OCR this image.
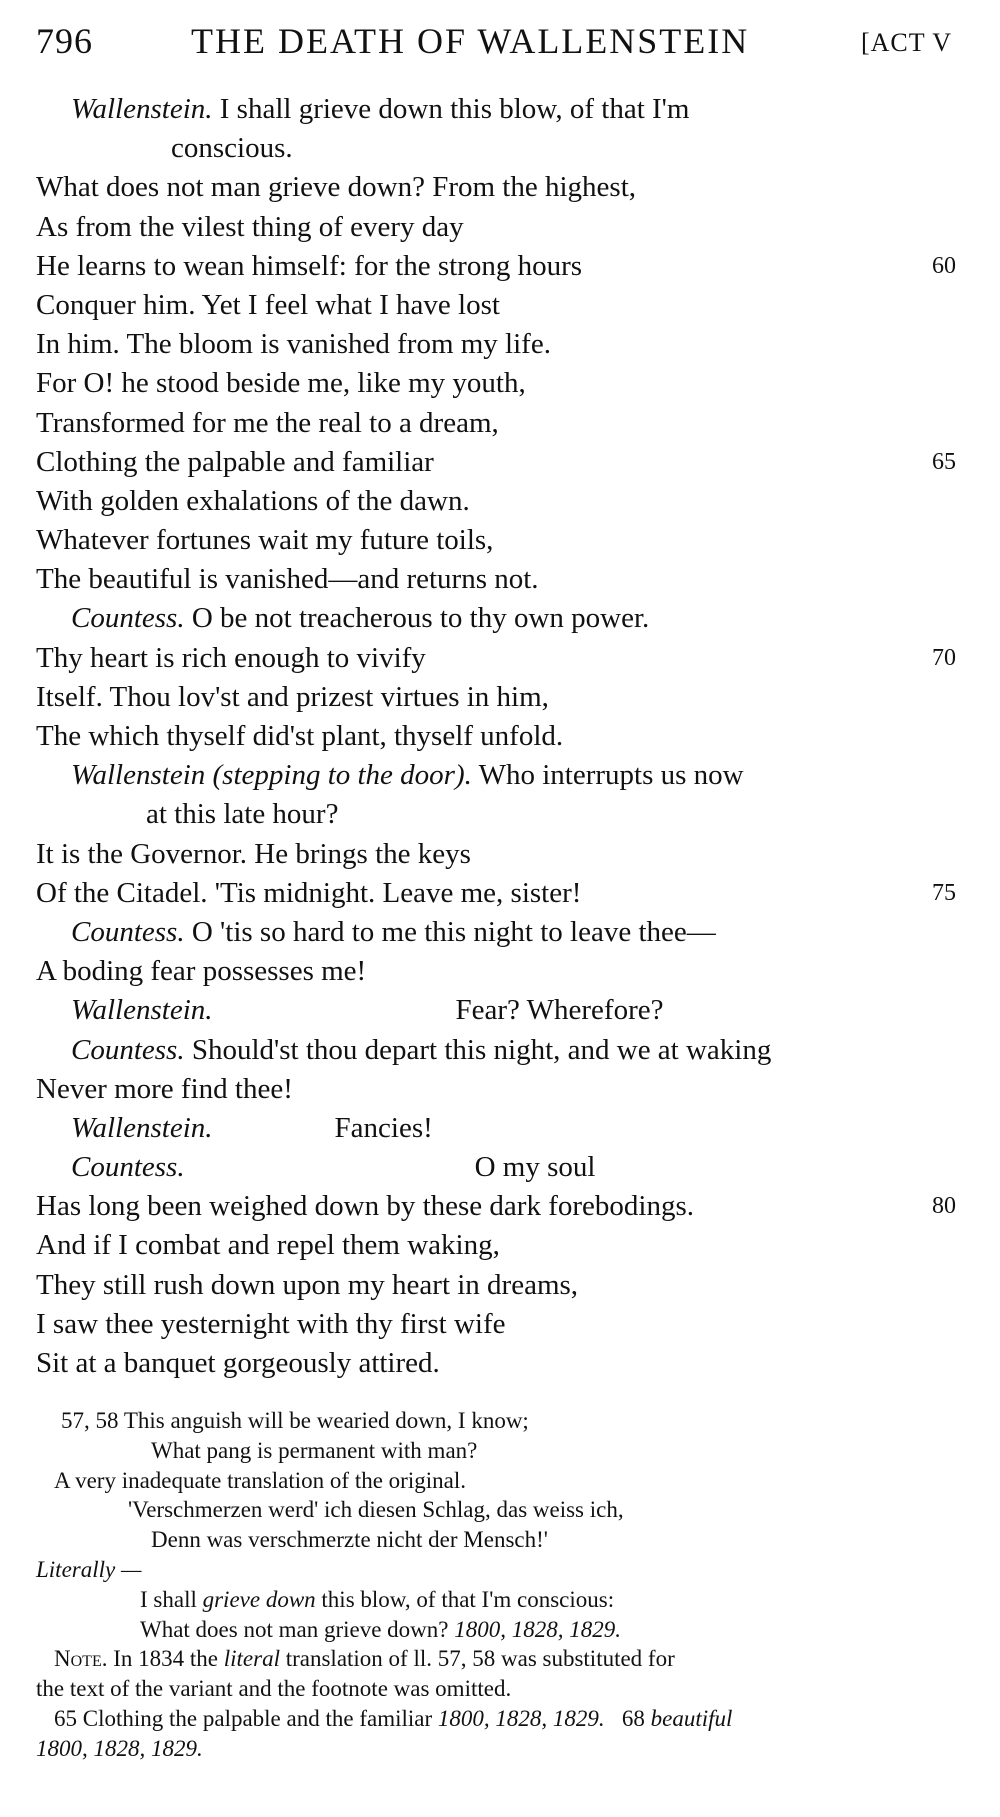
796	THE DEATH OF WALLENSTEIN	[ACT V
Wallenstein. I shall grieve down this blow, of that I'm
conscious.
What does not man grieve down? From the highest,
As from the vilest thing of every day
He learns to wean himself: for the strong hours	60
Conquer him. Yet I feel what I have lost
In him. The bloom is vanished from my life.
For O! he stood beside me, like my youth,
Transformed for me the real to a dream,
Clothing the palpable and familiar	65
With golden exhalations of the dawn.
Whatever fortunes wait my future toils,
The beautiful is vanished—and returns not.
Countess. O be not treacherous to thy own power.
Thy heart is rich enough to vivify	70
Itself. Thou lov'st and prizest virtues in him,
The which thyself did'st plant, thyself unfold.
Wallenstein (stepping to the door). Who interrupts us now
at this late hour?
It is the Governor. He brings the keys
Of the Citadel. 'Tis midnight. Leave me, sister!	75
Countess. O 'tis so hard to me this night to leave thee—
A boding fear possesses me!
Wallenstein.	Fear? Wherefore?
Countess. Should'st thou depart this night, and we at waking
Never more find thee!
Wallenstein.	Fancies!
Countess.	O my soul
Has long been weighed down by these dark forebodings.	80
And if I combat and repel them waking,
They still rush down upon my heart in dreams,
I saw thee yesternight with thy first wife
Sit at a banquet gorgeously attired.
57, 58 This anguish will be wearied down, I know;
What pang is permanent with man?
A very inadequate translation of the original.
'Verschmerzen werd' ich diesen Schlag, das weiss ich,
Denn was verschmerzte nicht der Mensch!'
Literally —
I shall grieve down this blow, of that I'm conscious:
What does not man grieve down? 1800, 1828, 1829.
Note. In 1834 the literal translation of ll. 57, 58 was substituted for
the text of the variant and the footnote was omitted.
65 Clothing the palpable and the familiar 1800, 1828, 1829.   68 beautiful
1800, 1828, 1829.
